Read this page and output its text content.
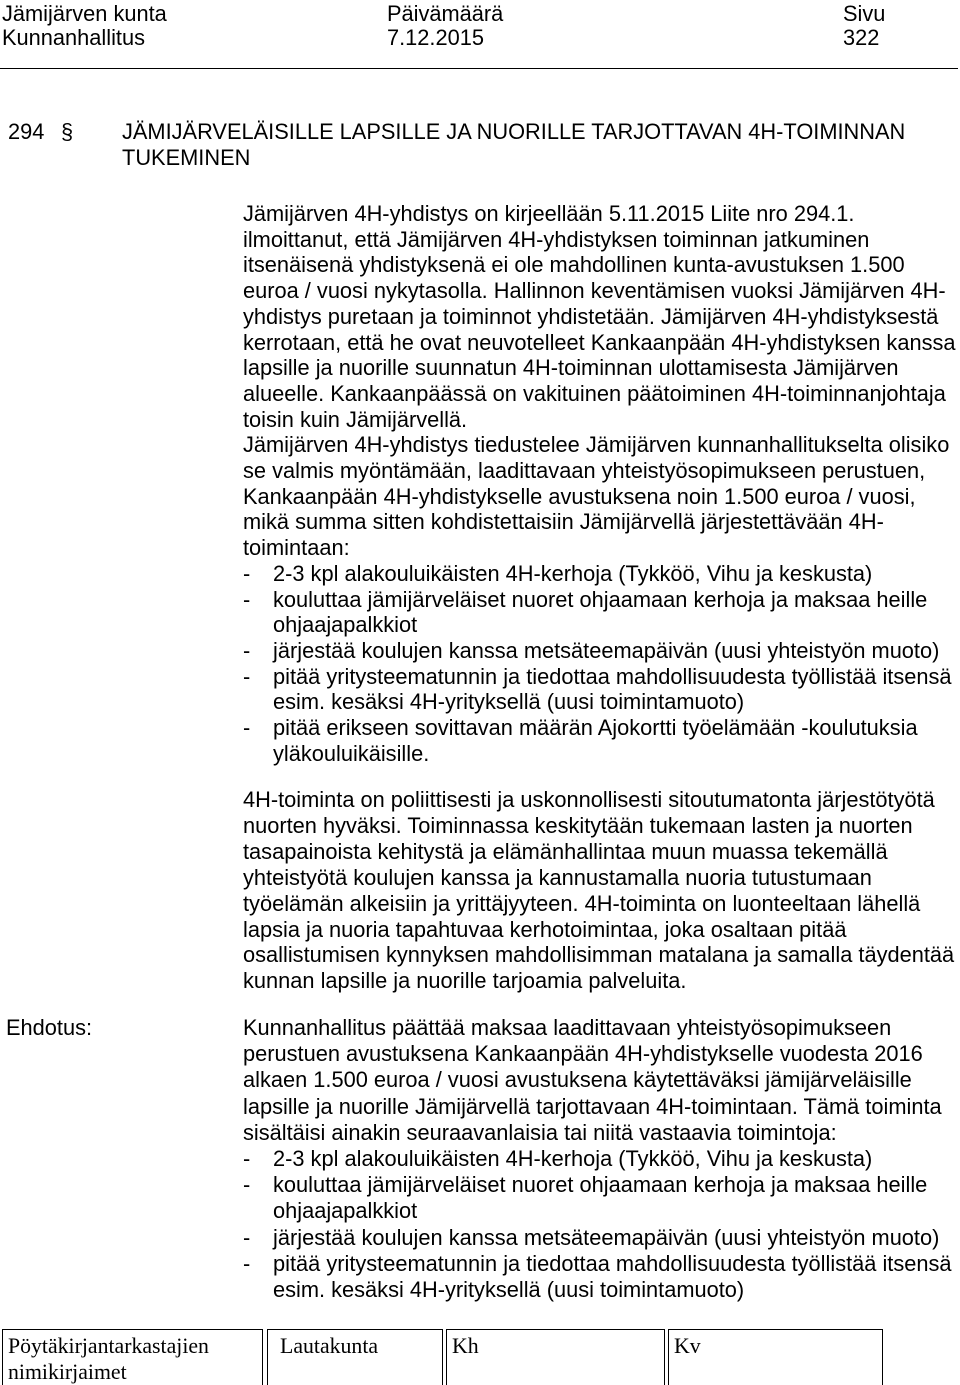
Jämijärven kunta
Kunnanhallitus
Päivämäärä
7.12.2015
Sivu
322
294 § JÄMIJÄRVELÄISILLE LAPSILLE JA NUORILLE TARJOTTAVAN 4H-TOIMINNAN
TUKEMINEN
Jämijärven 4H-yhdistys on kirjeellään 5.11.2015 Liite nro 294.1.
ilmoittanut, että Jämijärven 4H-yhdistyksen toiminnan jatkuminen
itsenäisenä yhdistyksenä ei ole mahdollinen kunta-avustuksen 1.500
euroa / vuosi nykytasolla. Hallinnon keventämisen vuoksi Jämijärven 4H-
yhdistys puretaan ja toiminnot yhdistetään. Jämijärven 4H-yhdistyksestä
kerrotaan, että he ovat neuvotelleet Kankaanpään 4H-yhdistyksen kanssa
lapsille ja nuorille suunnatun 4H-toiminnan ulottamisesta Jämijärven
alueelle. Kankaanpäässä on vakituinen päätoiminen 4H-toiminnanjohtaja
toisin kuin Jämijärvellä.
Jämijärven 4H-yhdistys tiedustelee Jämijärven kunnanhallitukselta olisiko
se valmis myöntämään, laadittavaan yhteistyösopimukseen perustuen,
Kankaanpään 4H-yhdistykselle avustuksena noin 1.500 euroa / vuosi,
mikä summa sitten kohdistettaisiin Jämijärvellä järjestettävään 4H-
toimintaan:
- 2-3 kpl alakouluikäisten 4H-kerhoja (Tykköö, Vihu ja keskusta)
- kouluttaa jämijärveläiset nuoret ohjaamaan kerhoja ja maksaa heille
ohjaajapalkkiot
- järjestää koulujen kanssa metsäteemapäivän (uusi yhteistyön muoto)
- pitää yritysteematunnin ja tiedottaa mahdollisuudesta työllistää itsensä
esim. kesäksi 4H-yrityksellä (uusi toimintamuoto)
- pitää erikseen sovittavan määrän Ajokortti työelämään -koulutuksia
yläkouluikäisille.
4H-toiminta on poliittisesti ja uskonnollisesti sitoutumatonta järjestötyötä
nuorten hyväksi. Toiminnassa keskitytään tukemaan lasten ja nuorten
tasapainoista kehitystä ja elämänhallintaa muun muassa tekemällä
yhteistyötä koulujen kanssa ja kannustamalla nuoria tutustumaan
työelämän alkeisiin ja yrittäjyyteen. 4H-toiminta on luonteeltaan lähellä
lapsia ja nuoria tapahtuvaa kerhotoimintaa, joka osaltaan pitää
osallistumisen kynnyksen mahdollisimman matalana ja samalla täydentää
kunnan lapsille ja nuorille tarjoamia palveluita.
Ehdotus:	Kunnanhallitus päättää maksaa laadittavaan yhteistyösopimukseen
perustuen avustuksena Kankaanpään 4H-yhdistykselle vuodesta 2016
alkaen 1.500 euroa / vuosi avustuksena käytettäväksi jämijärveläisille
lapsille ja nuorille Jämijärvellä tarjottavaan 4H-toimintaan. Tämä toiminta
sisältäisi ainakin seuraavanlaisia tai niitä vastaavia toimintoja:
- 2-3 kpl alakouluikäisten 4H-kerhoja (Tykköö, Vihu ja keskusta)
- kouluttaa jämijärveläiset nuoret ohjaamaan kerhoja ja maksaa heille
ohjaajapalkkiot
- järjestää koulujen kanssa metsäteemapäivän (uusi yhteistyön muoto)
- pitää yritysteematunnin ja tiedottaa mahdollisuudesta työllistää itsensä
esim. kesäksi 4H-yrityksellä (uusi toimintamuoto)
Pöytäkirjantarkastajien
nimikirjaimet
Lautakunta	Kh	Kv
